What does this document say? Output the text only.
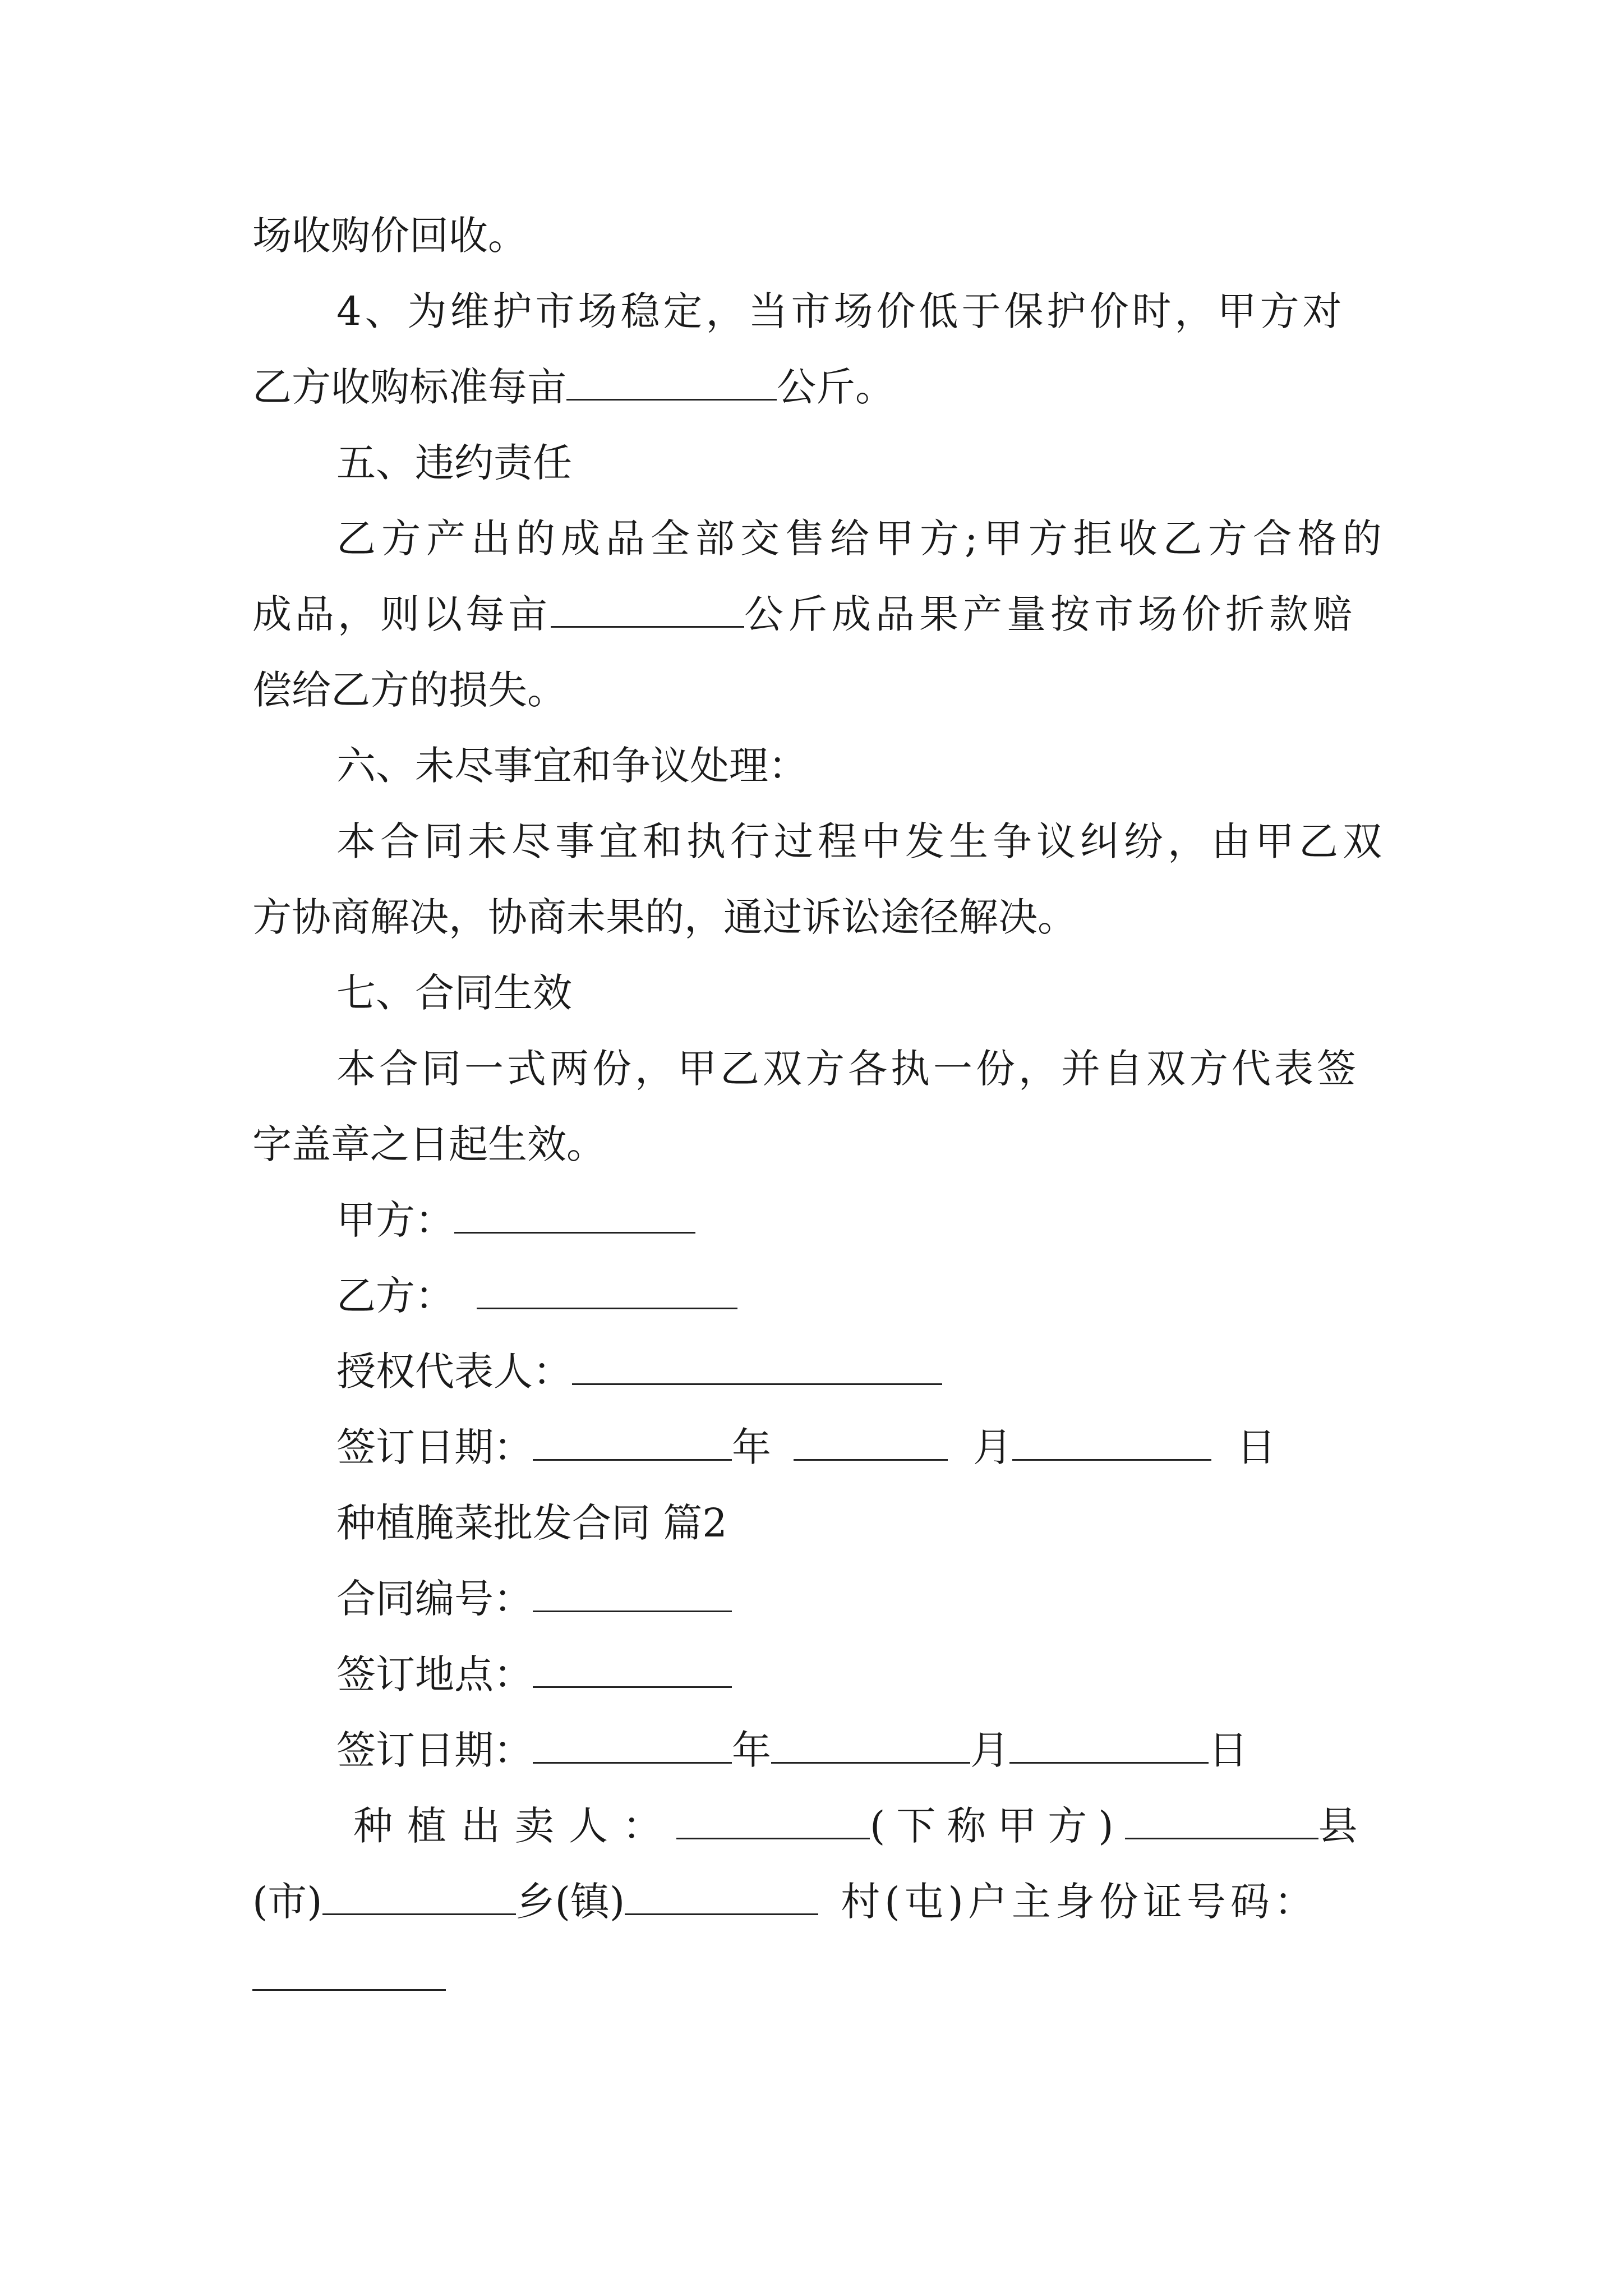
场收购价回收。
4、为维护市场稳定，当市场价低于保护价时，甲方对
乙方收购标准每亩	公斤。
五、违约责任
乙方产出的成品全部交售给甲方;甲方拒收乙方合格的
成品，则以每亩	公斤成品果产量按市场价折款赔
偿给乙方的损失。
六、未尽事宜和争议处理：
本合同未尽事宜和执行过程中发生争议纠纷，由甲乙双
方协商解决，协商未果的，通过诉讼途径解决。
七、合同生效
本合同一式两份，甲乙双方各执一份，并自双方代表签
字盖章之日起生效。
甲方：
乙方：
授权代表人：
签订日期：	年	月	日
种植腌菜批发合同 篇2
合同编号：
签订地点：
签订日期：	年	月	日
种植出卖人：	(下称甲方)	县
(市)	乡(镇)	村(屯)户主身份证号码：
